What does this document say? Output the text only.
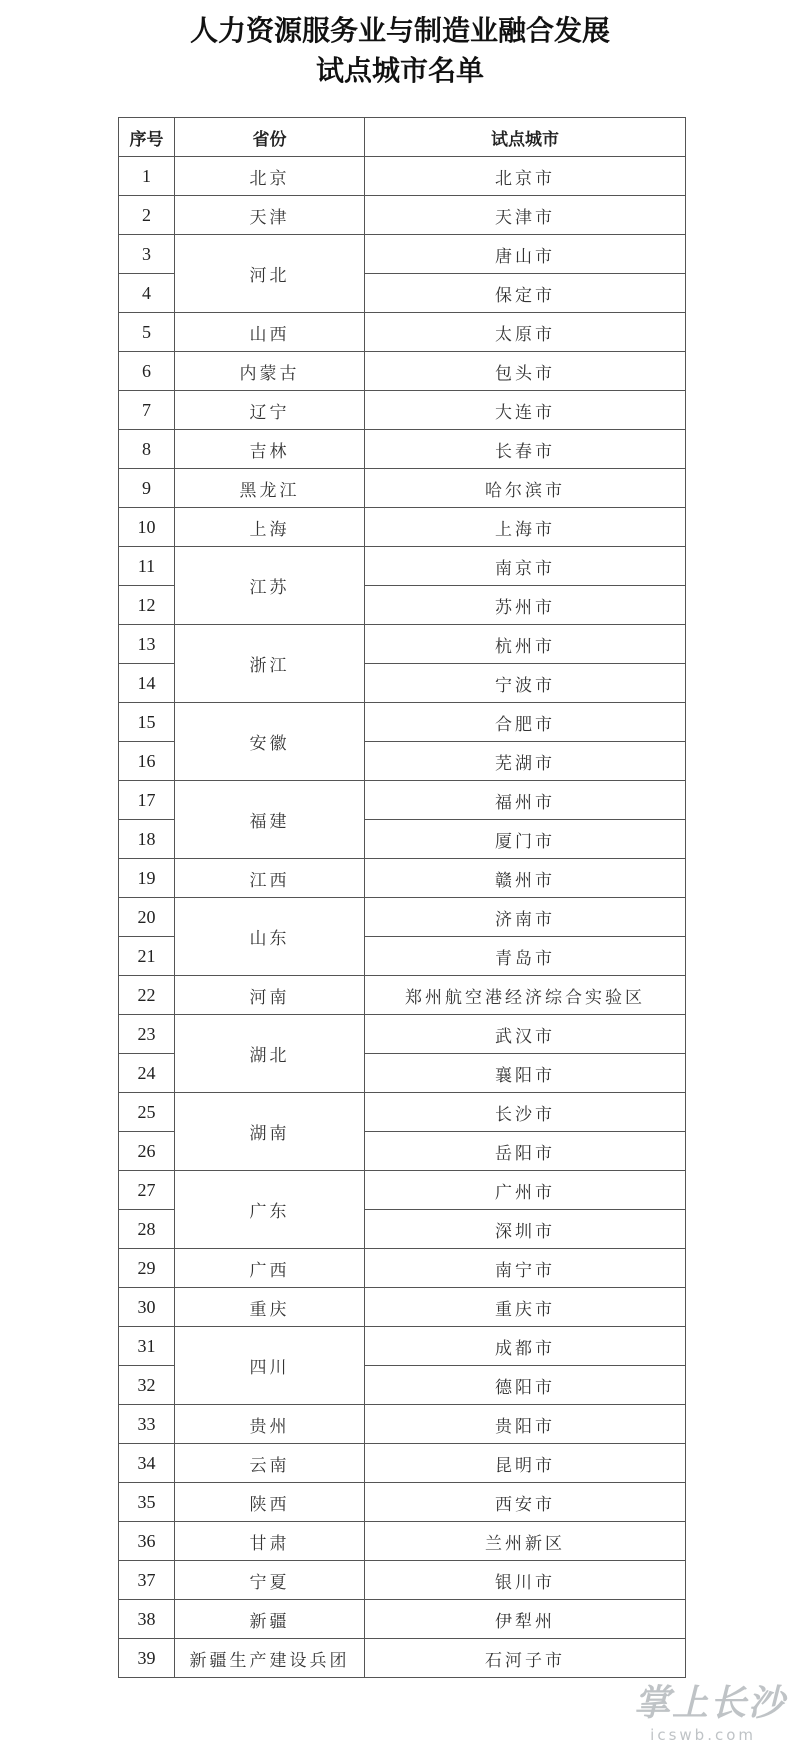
人力资源服务业与制造业融合发展
试点城市名单
序号	省份	试点城市
1	北京	北京市
2	天津	天津市
3	河北	唐山市
4		保定市
5	山西	太原市
6	内蒙古	包头市
7	辽宁	大连市
8	吉林	长春市
9	黑龙江	哈尔滨市
10	上海	上海市
11	江苏	南京市
12		苏州市
13	浙江	杭州市
14		宁波市
15	安徽	合肥市
16		芜湖市
17	福建	福州市
18		厦门市
19	江西	赣州市
20	山东	济南市
21		青岛市
22	河南	郑州航空港经济综合实验区
23	湖北	武汉市
24		襄阳市
25	湖南	长沙市
26		岳阳市
27	广东	广州市
28		深圳市
29	广西	南宁市
30	重庆	重庆市
31	四川	成都市
32		德阳市
33	贵州	贵阳市
34	云南	昆明市
35	陕西	西安市
36	甘肃	兰州新区
37	宁夏	银川市
38	新疆	伊犁州
39	新疆生产建设兵团	石河子市
掌上长沙
icswb.com
